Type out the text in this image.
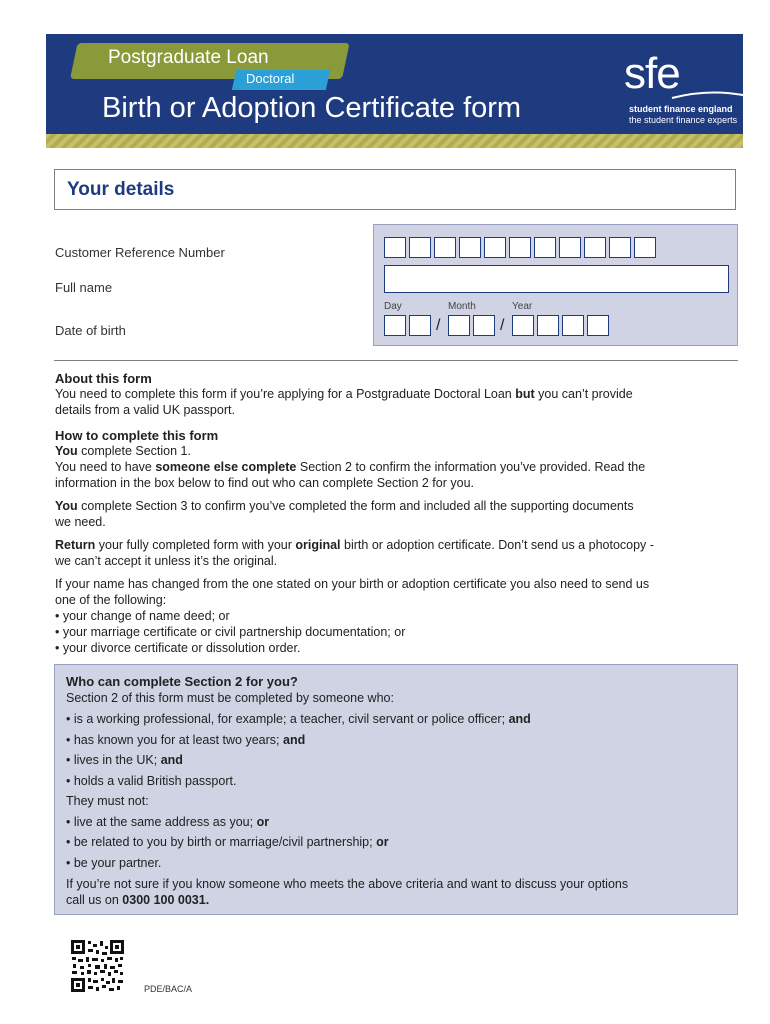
Postgraduate Loan
Doctoral
Birth or Adoption Certificate form
sfe
student finance england
the student finance experts
Your details
Customer Reference Number
Full name
Date of birth
Day	Month	Year
/	/
About this form
You need to complete this form if you’re applying for a Postgraduate Doctoral Loan but you can’t provide
details from a valid UK passport.
How to complete this form
You complete Section 1.
You need to have someone else complete Section 2 to confirm the information you’ve provided. Read the
information in the box below to find out who can complete Section 2 for you.
You complete Section 3 to confirm you’ve completed the form and included all the supporting documents
we need.
Return your fully completed form with your original birth or adoption certificate. Don’t send us a photocopy -
we can’t accept it unless it’s the original.
If your name has changed from the one stated on your birth or adoption certificate you also need to send us
one of the following:
• your change of name deed; or
• your marriage certificate or civil partnership documentation; or
• your divorce certificate or dissolution order.
Who can complete Section 2 for you?
Section 2 of this form must be completed by someone who:
• is a working professional, for example; a teacher, civil servant or police officer; and
• has known you for at least two years; and
• lives in the UK; and
• holds a valid British passport.
They must not:
• live at the same address as you; or
• be related to you by birth or marriage/civil partnership; or
• be your partner.
If you’re not sure if you know someone who meets the above criteria and want to discuss your options
call us on 0300 100 0031.
PDE/BAC/A
